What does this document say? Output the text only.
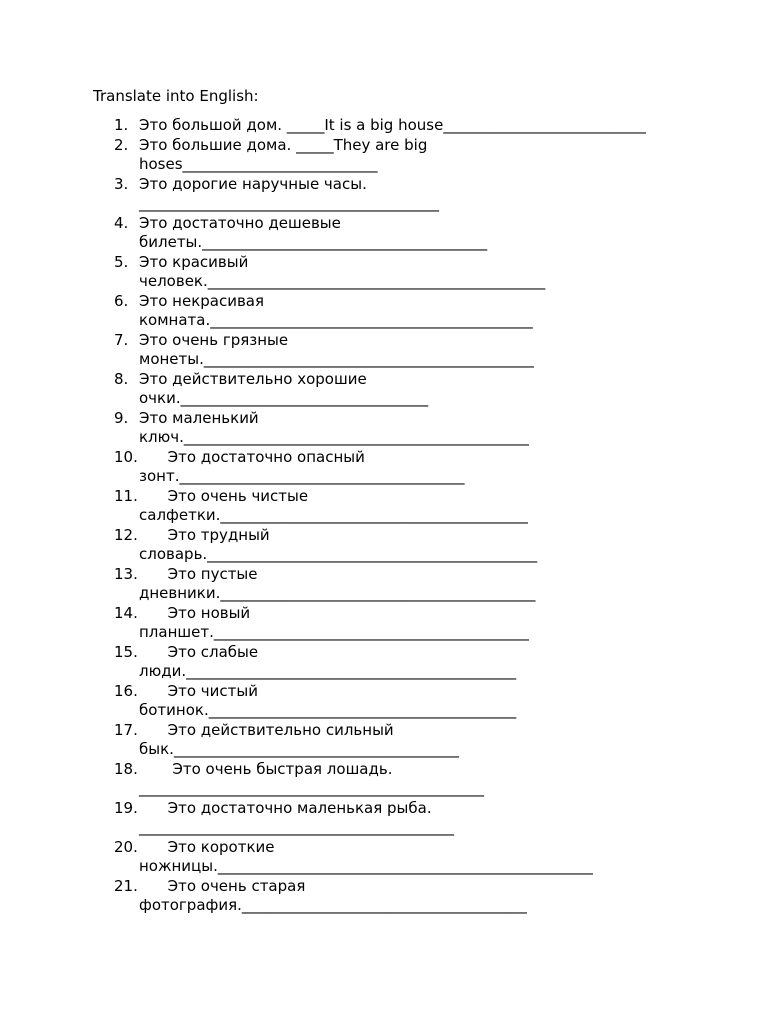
Translate into English:
1. Это большой дом. _____It is a big house___________________________
2. Это большие дома. _____They are big
hoses__________________________
3. Это дорогие наручные часы.
________________________________________
4. Это достаточно дешевые
билеты.______________________________________
5. Это красивый
человек._____________________________________________
6. Это некрасивая
комната.___________________________________________
7. Это очень грязные
монеты.____________________________________________
8. Это действительно хорошие
очки._________________________________
9. Это маленький
ключ.______________________________________________
10. Это достаточно опасный
зонт.______________________________________
11. Это очень чистые
салфетки._________________________________________
12. Это трудный
словарь.____________________________________________
13. Это пустые
дневники.__________________________________________
14. Это новый
планшет.__________________________________________
15. Это слабые
люди.____________________________________________
16. Это чистый
ботинок._________________________________________
17. Это действительно сильный
бык.______________________________________
18. Это очень быстрая лошадь.
______________________________________________
19. Это достаточно маленькая рыба.
__________________________________________
20. Это короткие
ножницы.__________________________________________________
21. Это очень старая
фотография.______________________________________
